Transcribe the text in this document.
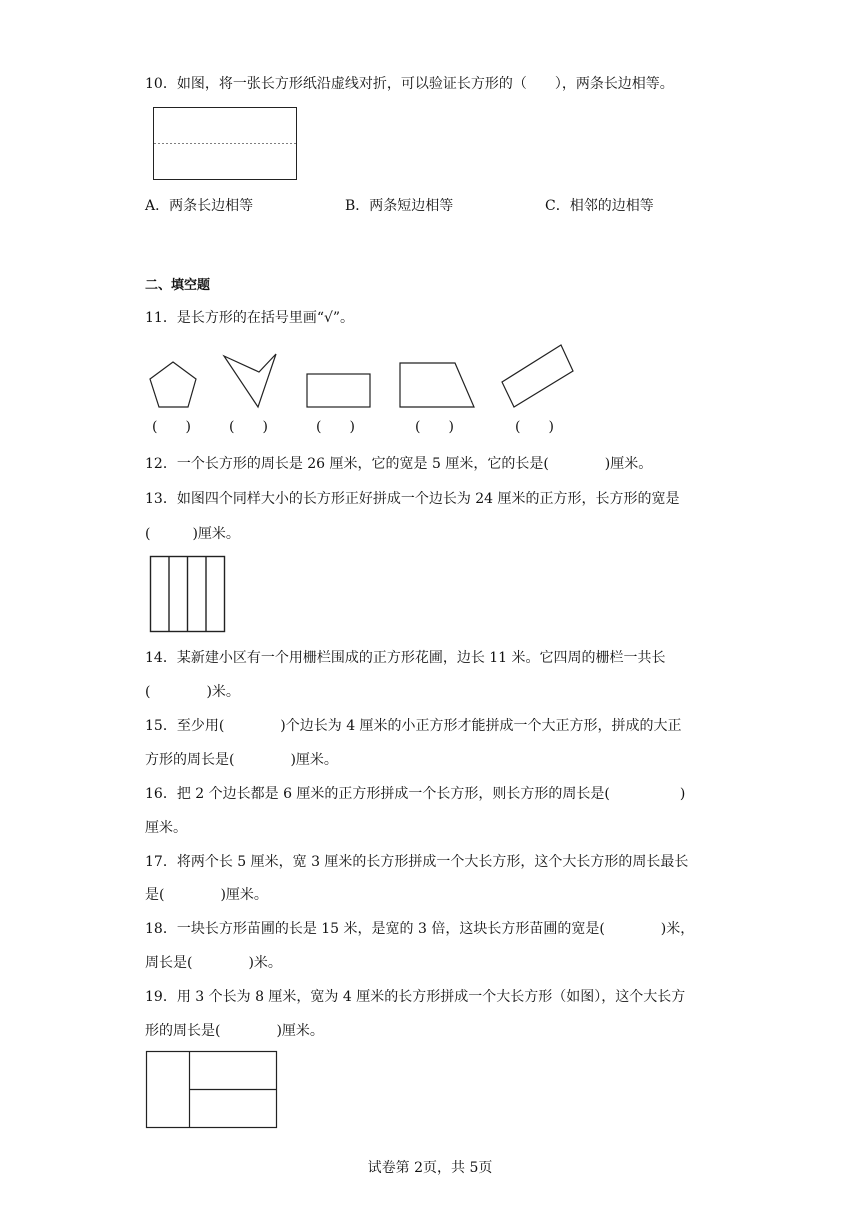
10．如图，将一张长方形纸沿虚线对折，可以验证长方形的（　　），两条长边相等。
A．两条长边相等	B．两条短边相等	C．相邻的边相等
二、填空题
11．是长方形的在括号里画“√”。
(　　)	(　　)	(　　)	(　　)	(　　)
12．一个长方形的周长是 26 厘米，它的宽是 5 厘米，它的长是(　　　　)厘米。
13．如图四个同样大小的长方形正好拼成一个边长为 24 厘米的正方形，长方形的宽是
(　　　)厘米。
14．某新建小区有一个用栅栏围成的正方形花圃，边长 11 米。它四周的栅栏一共长
(　　　　)米。
15．至少用(　　　　)个边长为 4 厘米的小正方形才能拼成一个大正方形，拼成的大正
方形的周长是(　　　　)厘米。
16．把 2 个边长都是 6 厘米的正方形拼成一个长方形，则长方形的周长是(　　　　　)
厘米。
17．将两个长 5 厘米，宽 3 厘米的长方形拼成一个大长方形，这个大长方形的周长最长
是(　　　　)厘米。
18．一块长方形苗圃的长是 15 米，是宽的 3 倍，这块长方形苗圃的宽是(　　　　)米，
周长是(　　　　)米。
19．用 3 个长为 8 厘米，宽为 4 厘米的长方形拼成一个大长方形（如图），这个大长方
形的周长是(　　　　)厘米。
试卷第 2页，共 5页
